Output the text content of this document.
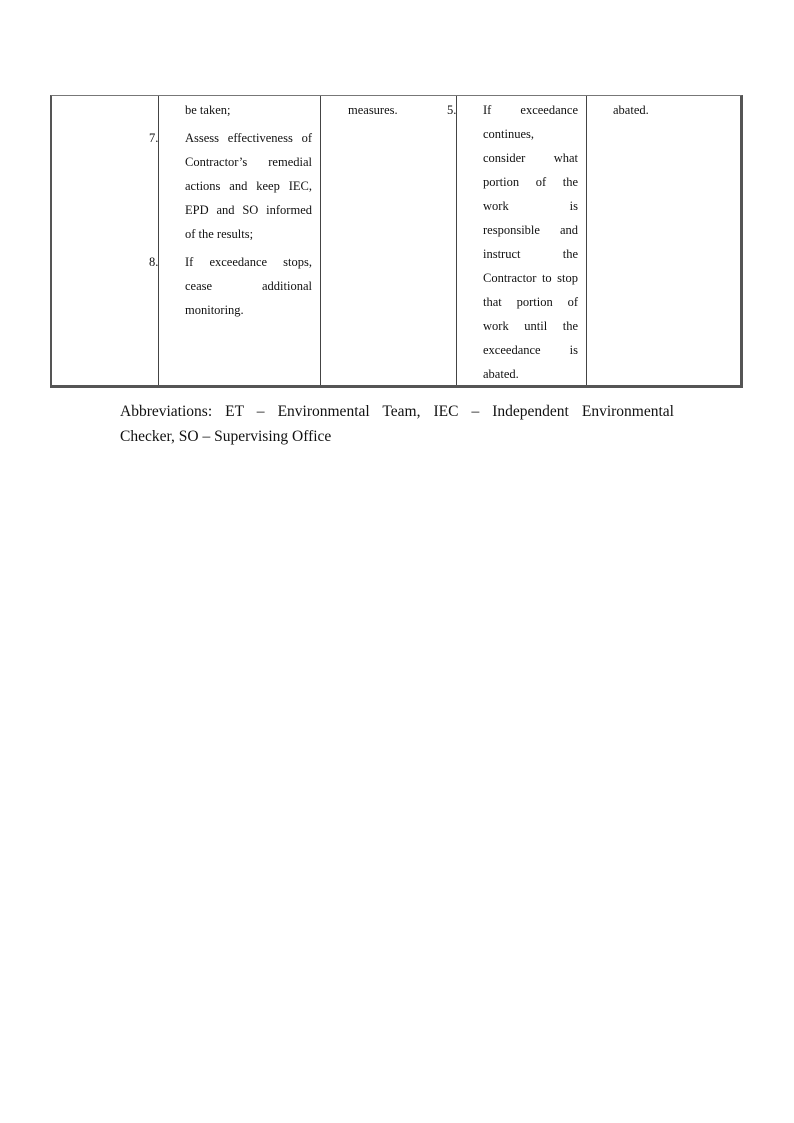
be taken;
7. Assess effectiveness of
Contractor’s remedial
actions and keep IEC,
EPD and SO informed
of the results;
8. If exceedance stops,
cease additional
monitoring.
measures.	5. If exceedance
continues,
consider what
portion of the
work is
responsible and
instruct the
Contractor to stop
that portion of
work until the
exceedance is
abated.
abated.
Abbreviations: ET – Environmental Team, IEC – Independent Environmental
Checker, SO – Supervising Office
